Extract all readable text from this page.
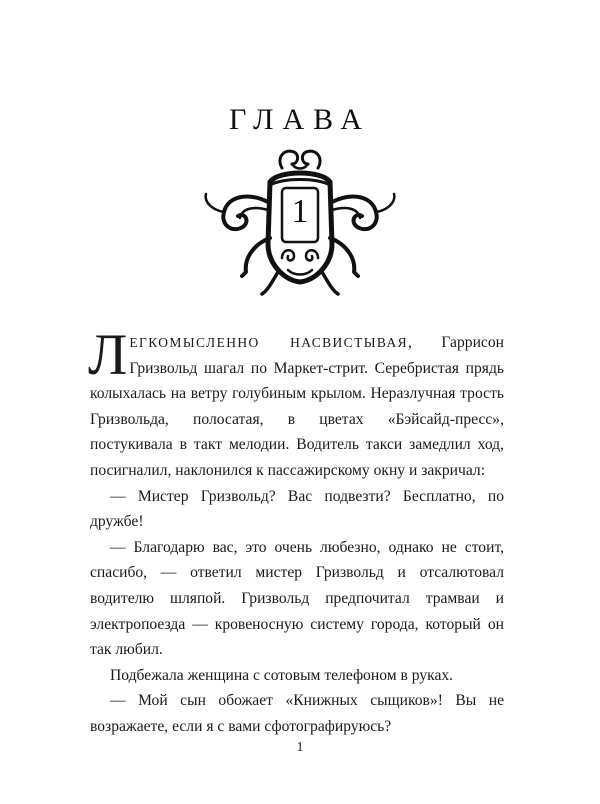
ГЛАВА
1

ЛЕГКОМЫСЛЕННО НАСВИСТЫВАЯ, Гаррисон Гризвольд шагал по Маркет-стрит. Серебристая прядь колыхалась на ветру голубиным крылом. Неразлучная трость Гризвольда, полосатая, в цветах «Бэйсайд-пресс», постукивала в такт мелодии. Водитель такси замедлил ход, посигналил, наклонился к пассажирскому окну и закричал:

— Мистер Гризвольд? Вас подвезти? Бесплатно, по дружбе!

— Благодарю вас, это очень любезно, однако не стоит, спасибо, — ответил мистер Гризвольд и отсалютовал водителю шляпой. Гризвольд предпочитал трамваи и электропоезда — кровеносную систему города, который он так любил.

Подбежала женщина с сотовым телефоном в руках.

— Мой сын обожает «Книжных сыщиков»! Вы не возражаете, если я с вами сфотографируюсь?

1
